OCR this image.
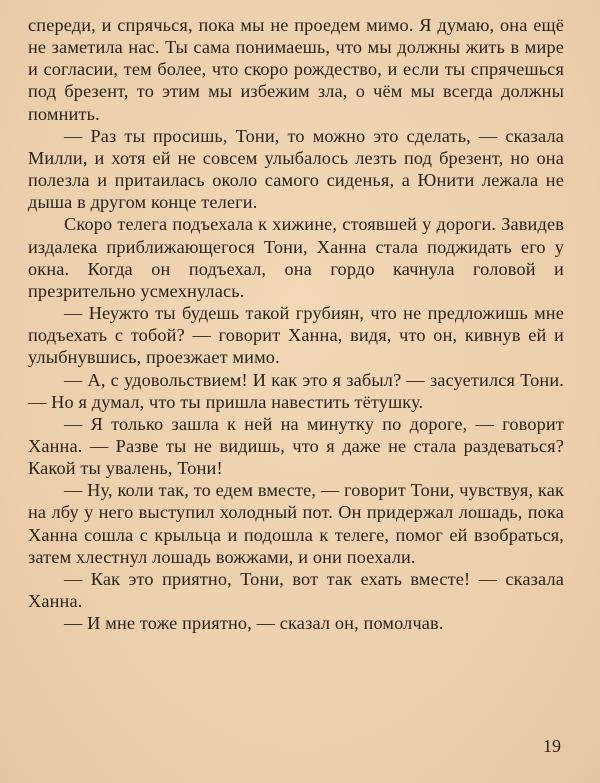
спереди, и спрячься, пока мы не проедем мимо. Я думаю, она ещё не заметила нас. Ты сама понимаешь, что мы должны жить в мире и согласии, тем более, что скоро рождество, и если ты спрячешься под брезент, то этим мы избежим зла, о чём мы всегда должны помнить.

— Раз ты просишь, Тони, то можно это сделать, — сказала Милли, и хотя ей не совсем улыбалось лезть под брезент, но она полезла и притаилась около самого сиденья, а Юнити лежала не дыша в другом конце телеги.

Скоро телега подъехала к хижине, стоявшей у дороги. Завидев издалека приближающегося Тони, Ханна стала поджидать его у окна. Когда он подъехал, она гордо качнула головой и презрительно усмехнулась.

— Неужто ты будешь такой грубиян, что не предложишь мне подъехать с тобой? — говорит Ханна, видя, что он, кивнув ей и улыбнувшись, проезжает мимо.

— А, с удовольствием! И как это я забыл? — засуетился Тони. — Но я думал, что ты пришла навестить тётушку.

— Я только зашла к ней на минутку по дороге, — говорит Ханна. — Разве ты не видишь, что я даже не стала раздеваться? Какой ты увалень, Тони!

— Ну, коли так, то едем вместе, — говорит Тони, чувствуя, как на лбу у него выступил холодный пот. Он придержал лошадь, пока Ханна сошла с крыльца и подошла к телеге, помог ей взобраться, затем хлестнул лошадь вожжами, и они поехали.

— Как это приятно, Тони, вот так ехать вместе! — сказала Ханна.

— И мне тоже приятно, — сказал он, помолчав.

19
